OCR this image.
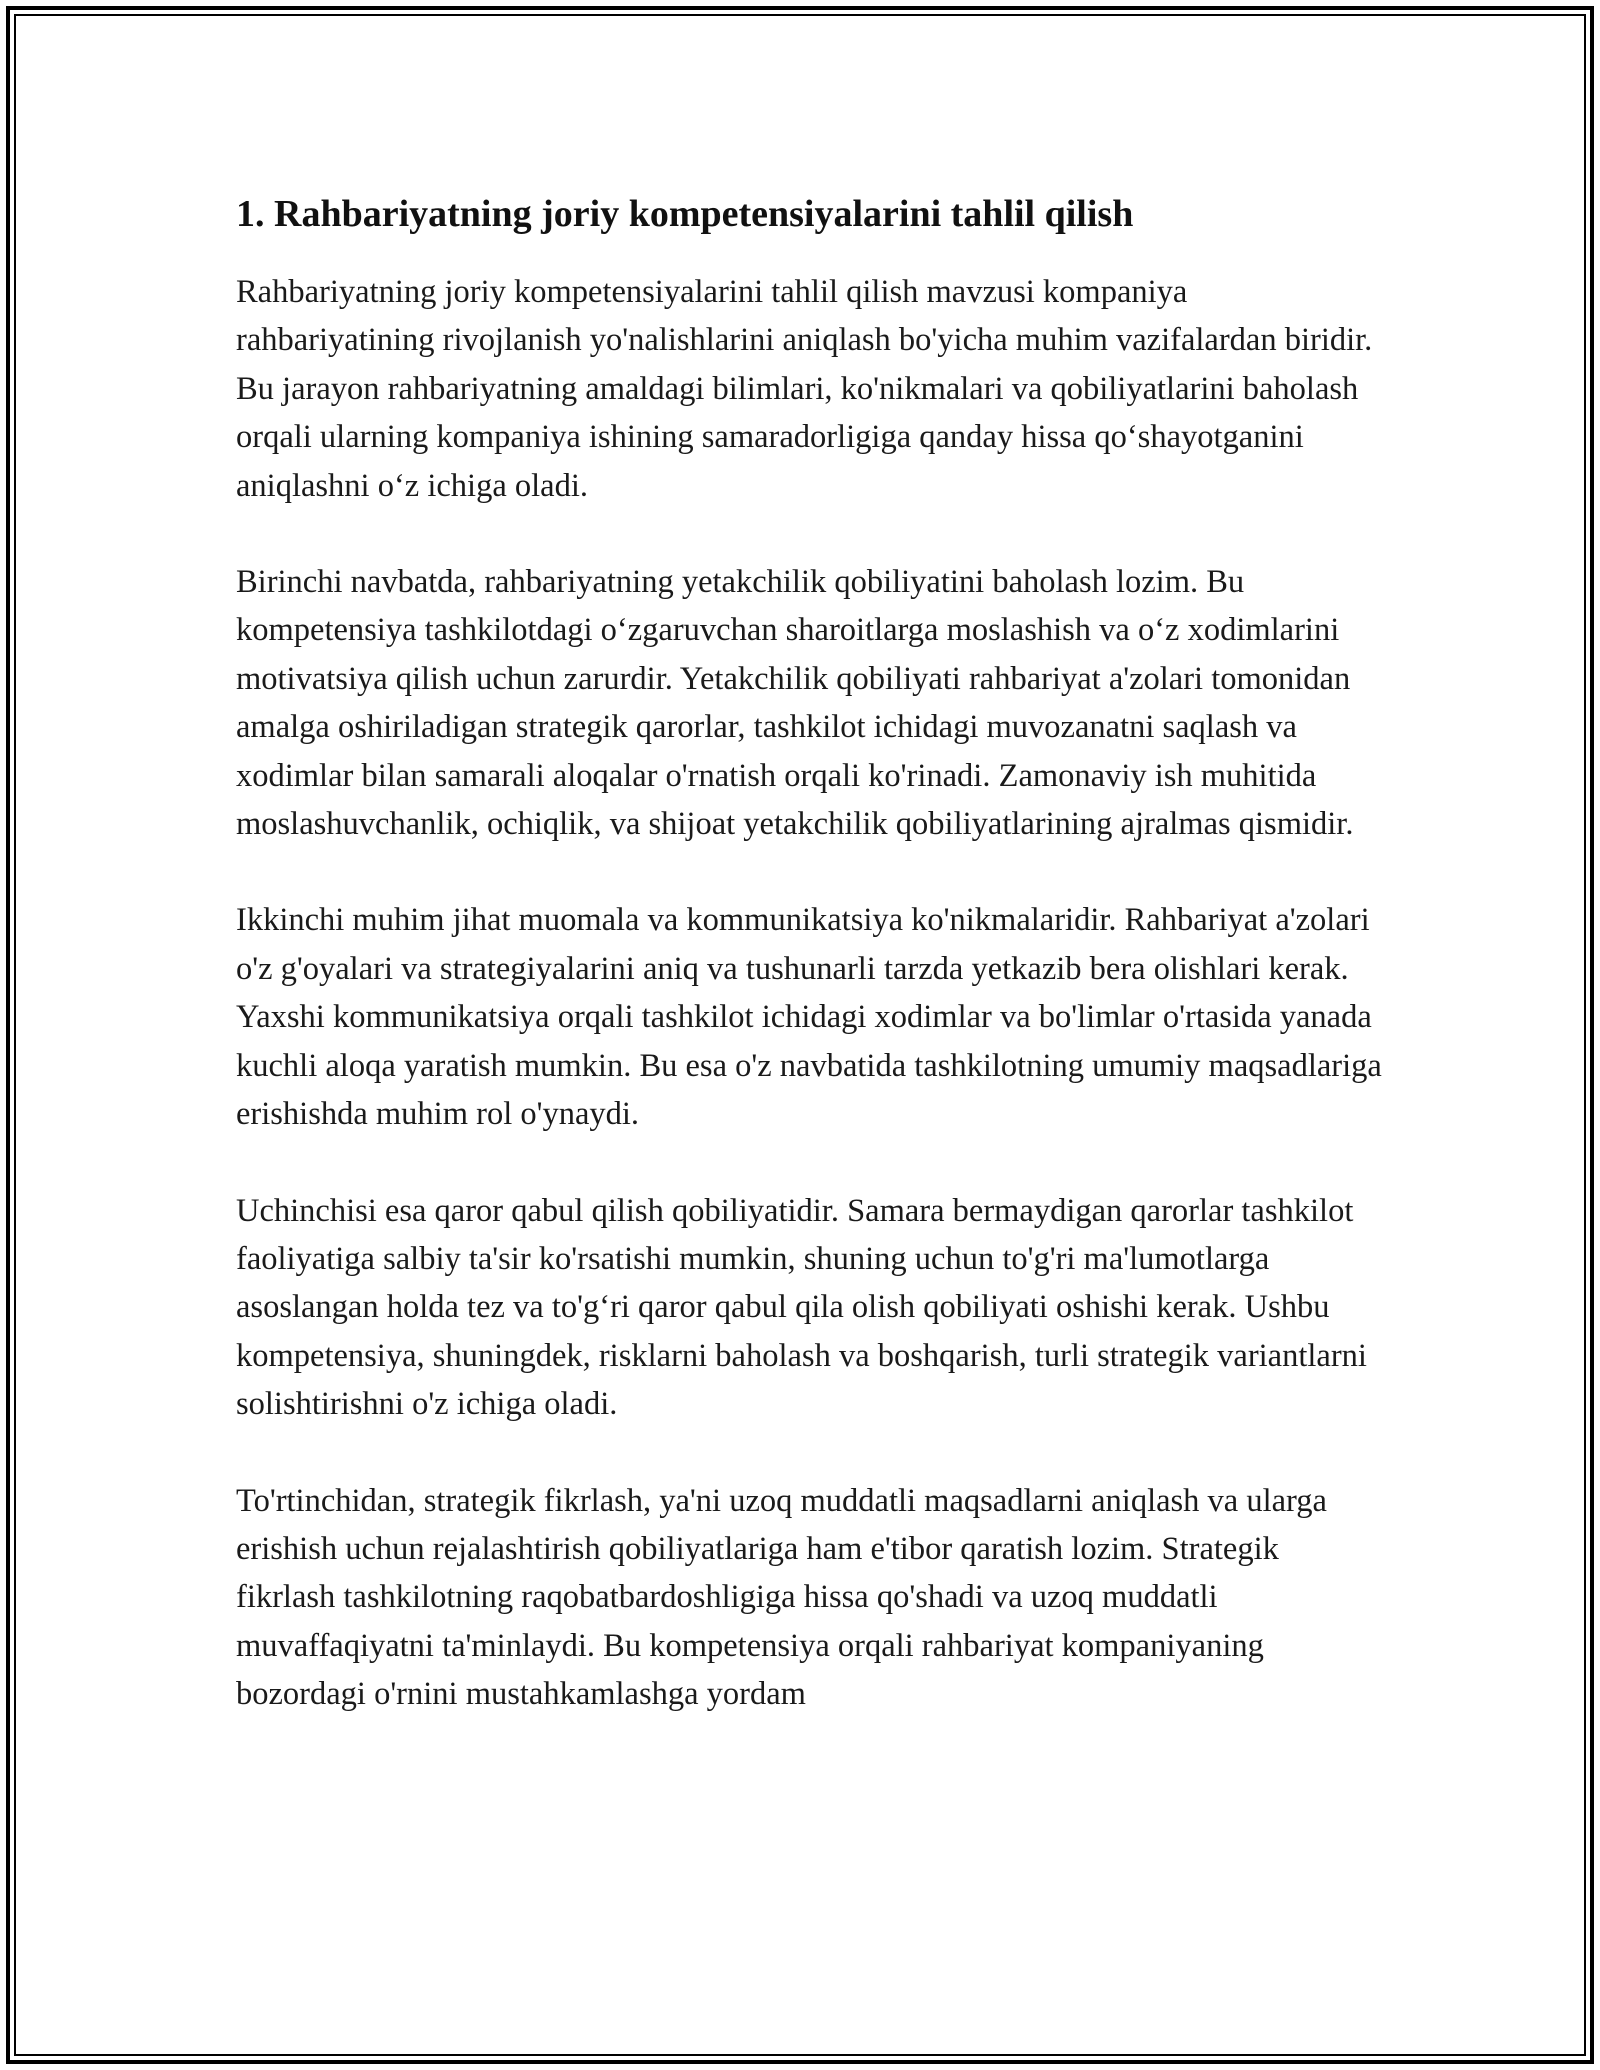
1. Rahbariyatning joriy kompetensiyalarini tahlil qilish

Rahbariyatning joriy kompetensiyalarini tahlil qilish mavzusi kompaniya rahbariyatining rivojlanish yo'nalishlarini aniqlash bo'yicha muhim vazifalardan biridir. Bu jarayon rahbariyatning amaldagi bilimlari, ko'nikmalari va qobiliyatlarini baholash orqali ularning kompaniya ishining samaradorligiga qanday hissa qo‘shayotganini aniqlashni o‘z ichiga oladi.

Birinchi navbatda, rahbariyatning yetakchilik qobiliyatini baholash lozim. Bu kompetensiya tashkilotdagi o‘zgaruvchan sharoitlarga moslashish va o‘z xodimlarini motivatsiya qilish uchun zarurdir. Yetakchilik qobiliyati rahbariyat a'zolari tomonidan amalga oshiriladigan strategik qarorlar, tashkilot ichidagi muvozanatni saqlash va xodimlar bilan samarali aloqalar o'rnatish orqali ko'rinadi. Zamonaviy ish muhitida moslashuvchanlik, ochiqlik, va shijoat yetakchilik qobiliyatlarining ajralmas qismidir.

Ikkinchi muhim jihat muomala va kommunikatsiya ko'nikmalaridir. Rahbariyat a'zolari o'z g'oyalari va strategiyalarini aniq va tushunarli tarzda yetkazib bera olishlari kerak. Yaxshi kommunikatsiya orqali tashkilot ichidagi xodimlar va bo'limlar o'rtasida yanada kuchli aloqa yaratish mumkin. Bu esa o'z navbatida tashkilotning umumiy maqsadlariga erishishda muhim rol o'ynaydi.

Uchinchisi esa qaror qabul qilish qobiliyatidir. Samara bermaydigan qarorlar tashkilot faoliyatiga salbiy ta'sir ko'rsatishi mumkin, shuning uchun to'g'ri ma'lumotlarga asoslangan holda tez va to'g‘ri qaror qabul qila olish qobiliyati oshishi kerak. Ushbu kompetensiya, shuningdek, risklarni baholash va boshqarish, turli strategik variantlarni solishtirishni o'z ichiga oladi.

To'rtinchidan, strategik fikrlash, ya'ni uzoq muddatli maqsadlarni aniqlash va ularga erishish uchun rejalashtirish qobiliyatlariga ham e'tibor qaratish lozim. Strategik fikrlash tashkilotning raqobatbardoshligiga hissa qo'shadi va uzoq muddatli muvaffaqiyatni ta'minlaydi. Bu kompetensiya orqali rahbariyat kompaniyaning bozordagi o'rnini mustahkamlashga yordam
